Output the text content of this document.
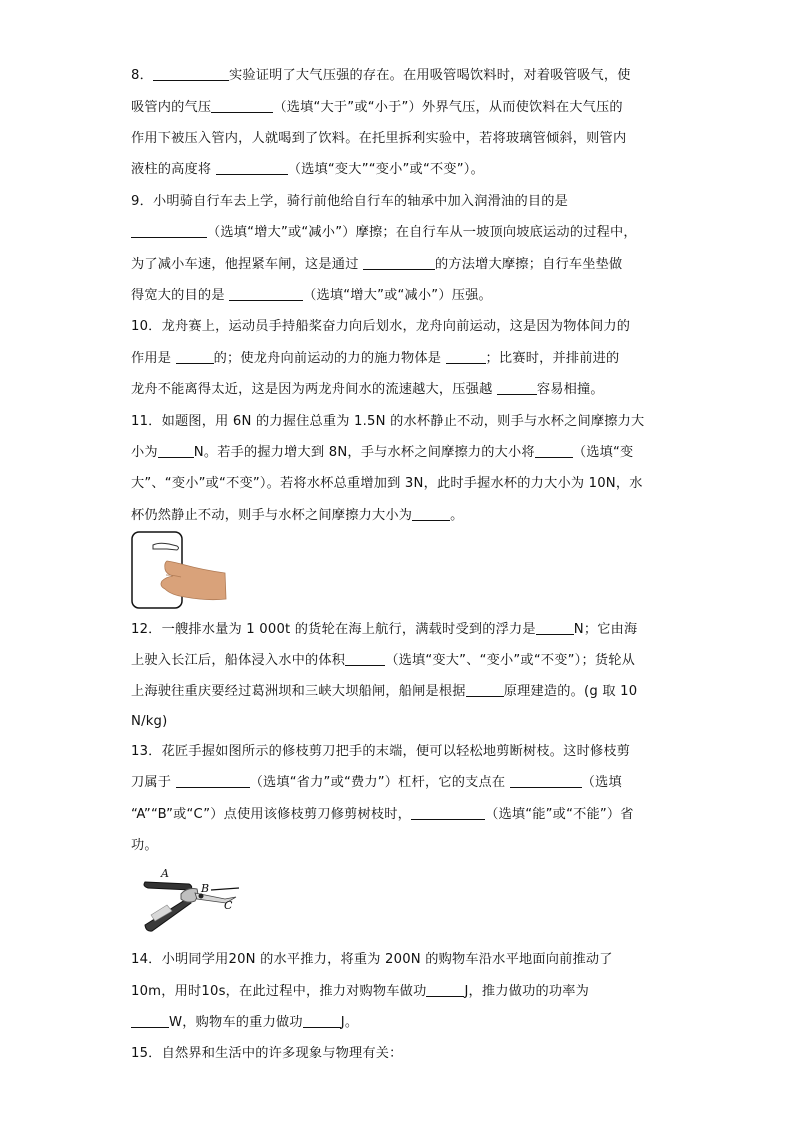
8．	实验证明了大气压强的存在。在用吸管喝饮料时，对着吸管吸气，使
吸管内的气压	（选填“大于”或“小于”）外界气压，从而使饮料在大气压的
作用下被压入管内，人就喝到了饮料。在托里拆利实验中，若将玻璃管倾斜，则管内
液柱的高度将	（选填“变大”“变小”或“不变”）。
9．小明骑自行车去上学，骑行前他给自行车的轴承中加入润滑油的目的是
（选填“增大”或“减小”）摩擦；在自行车从一坡顶向坡底运动的过程中，
为了减小车速，他捏紧车闸，这是通过	的方法增大摩擦；自行车坐垫做
得宽大的目的是	（选填“增大”或“减小”）压强。
10．龙舟赛上，运动员手持船桨奋力向后划水，龙舟向前运动，这是因为物体间力的
作用是	的；使龙舟向前运动的力的施力物体是	；比赛时，并排前进的
龙舟不能离得太近，这是因为两龙舟间水的流速越大，压强越	容易相撞。
11．如题图，用 6N 的力握住总重为 1.5N 的水杯静止不动，则手与水杯之间摩擦力大
小为	N。若手的握力增大到 8N，手与水杯之间摩擦力的大小将	（选填“变
大”、“变小”或“不变”）。若将水杯总重增加到 3N，此时手握水杯的力大小为 10N，水
杯仍然静止不动，则手与水杯之间摩擦力大小为	。
12．一艘排水量为 1 000t 的货轮在海上航行，满载时受到的浮力是	N；它由海
上驶入长江后，船体浸入水中的体积	（选填“变大”、“变小”或“不变”）；货轮从
上海驶往重庆要经过葛洲坝和三峡大坝船闸，船闸是根据	原理建造的。(g 取 10
N/kg)
13．花匠手握如图所示的修枝剪刀把手的末端，便可以轻松地剪断树枝。这时修枝剪
刀属于	（选填“省力”或“费力”）杠杆，它的支点在	（选填
“A”“B”或“C”）点使用该修枝剪刀修剪树枝时，	（选填“能”或“不能”）省
功。
A
B
C
14．小明同学用20N 的水平推力，将重为 200N 的购物车沿水平地面向前推动了
10m，用时10s，在此过程中，推力对购物车做功	J，推力做功的功率为
W，购物车的重力做功	J。
15．自然界和生活中的许多现象与物理有关：
